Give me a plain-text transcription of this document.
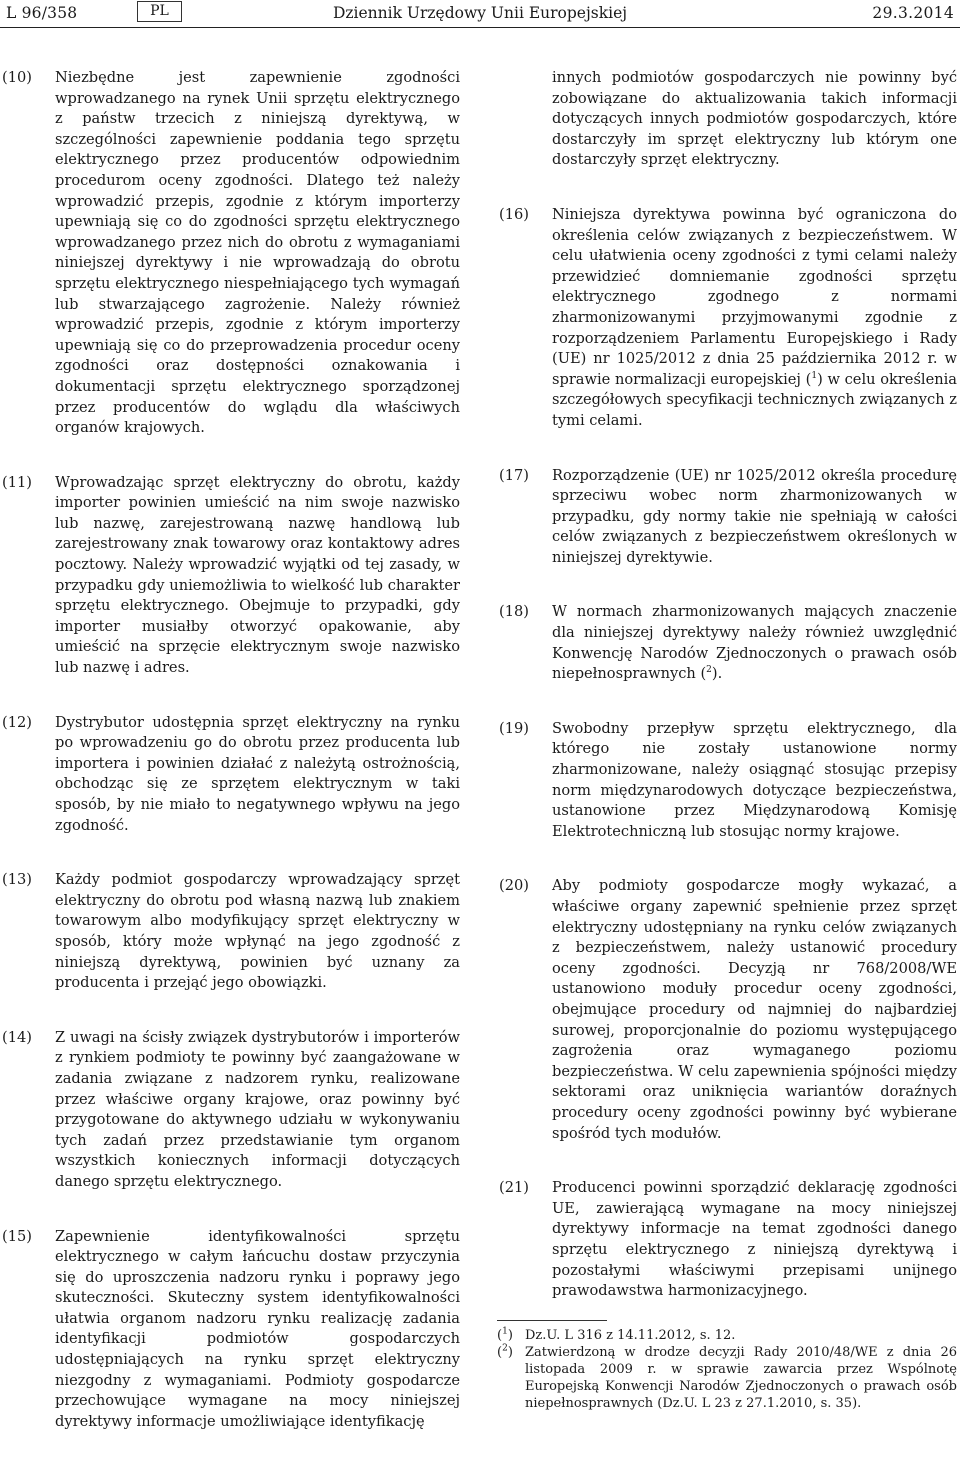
L 96/358	PL	Dziennik Urzędowy Unii Europejskiej	29.3.2014
(10)	Niezbędne jest zapewnienie zgodności wprowadzanego na rynek Unii sprzętu elektrycznego z państw trzecich z niniejszą dyrektywą, w szczególności zapewnienie poddania tego sprzętu elektrycznego przez producentów odpowiednim procedurom oceny zgodności. Dlatego też należy wprowadzić przepis, zgodnie z którym importerzy upewniają się co do zgodności sprzętu elektrycznego wprowadzanego przez nich do obrotu z wymaganiami niniejszej dyrektywy i nie wprowadzają do obrotu sprzętu elektrycznego niespełniającego tych wymagań lub stwarzającego zagrożenie. Należy również wprowadzić przepis, zgodnie z którym importerzy upewniają się co do przeprowadzenia procedur oceny zgodności oraz dostępności oznakowania i dokumentacji sprzętu elektrycznego sporządzonej przez producentów do wglądu dla właściwych organów krajowych.
(11)	Wprowadzając sprzęt elektryczny do obrotu, każdy importer powinien umieścić na nim swoje nazwisko lub nazwę, zarejestrowaną nazwę handlową lub zarejestrowany znak towarowy oraz kontaktowy adres pocztowy. Należy wprowadzić wyjątki od tej zasady, w przypadku gdy uniemożliwia to wielkość lub charakter sprzętu elektrycznego. Obejmuje to przypadki, gdy importer musiałby otworzyć opakowanie, aby umieścić na sprzęcie elektrycznym swoje nazwisko lub nazwę i adres.
(12)	Dystrybutor udostępnia sprzęt elektryczny na rynku po wprowadzeniu go do obrotu przez producenta lub importera i powinien działać z należytą ostrożnością, obchodząc się ze sprzętem elektrycznym w taki sposób, by nie miało to negatywnego wpływu na jego zgodność.
(13)	Każdy podmiot gospodarczy wprowadzający sprzęt elektryczny do obrotu pod własną nazwą lub znakiem towarowym albo modyfikujący sprzęt elektryczny w sposób, który może wpłynąć na jego zgodność z niniejszą dyrektywą, powinien być uznany za producenta i przejąć jego obowiązki.
(14)	Z uwagi na ścisły związek dystrybutorów i importerów z rynkiem podmioty te powinny być zaangażowane w zadania związane z nadzorem rynku, realizowane przez właściwe organy krajowe, oraz powinny być przygotowane do aktywnego udziału w wykonywaniu tych zadań przez przedstawianie tym organom wszystkich koniecznych informacji dotyczących danego sprzętu elektrycznego.
(15)	Zapewnienie identyfikowalności sprzętu elektrycznego w całym łańcuchu dostaw przyczynia się do uproszczenia nadzoru rynku i poprawy jego skuteczności. Skuteczny system identyfikowalności ułatwia organom nadzoru rynku realizację zadania identyfikacji podmiotów gospodarczych udostępniających na rynku sprzęt elektryczny niezgodny z wymaganiami. Podmioty gospodarcze przechowujące wymagane na mocy niniejszej dyrektywy informacje umożliwiające identyfikację
innych podmiotów gospodarczych nie powinny być zobowiązane do aktualizowania takich informacji dotyczących innych podmiotów gospodarczych, które dostarczyły im sprzęt elektryczny lub którym one dostarczyły sprzęt elektryczny.
(16)	Niniejsza dyrektywa powinna być ograniczona do określenia celów związanych z bezpieczeństwem. W celu ułatwienia oceny zgodności z tymi celami należy przewidzieć domniemanie zgodności sprzętu elektrycznego zgodnego z normami zharmonizowanymi przyjmowanymi zgodnie z rozporządzeniem Parlamentu Europejskiego i Rady (UE) nr 1025/2012 z dnia 25 października 2012 r. w sprawie normalizacji europejskiej ($^1$) w celu określenia szczegółowych specyfikacji technicznych związanych z tymi celami.
(17)	Rozporządzenie (UE) nr 1025/2012 określa procedurę sprzeciwu wobec norm zharmonizowanych w przypadku, gdy normy takie nie spełniają w całości celów związanych z bezpieczeństwem określonych w niniejszej dyrektywie.
(18)	W normach zharmonizowanych mających znaczenie dla niniejszej dyrektywy należy również uwzględnić Konwencję Narodów Zjednoczonych o prawach osób niepełnosprawnych ($^2$).
(19)	Swobodny przepływ sprzętu elektrycznego, dla którego nie zostały ustanowione normy zharmonizowane, należy osiągnąć stosując przepisy norm międzynarodowych dotyczące bezpieczeństwa, ustanowione przez Międzynarodową Komisję Elektrotechniczną lub stosując normy krajowe.
(20)	Aby podmioty gospodarcze mogły wykazać, a właściwe organy zapewnić spełnienie przez sprzęt elektryczny udostępniany na rynku celów związanych z bezpieczeństwem, należy ustanowić procedury oceny zgodności. Decyzją nr 768/2008/WE ustanowiono moduły procedur oceny zgodności, obejmujące procedury od najmniej do najbardziej surowej, proporcjonalnie do poziomu występującego zagrożenia oraz wymaganego poziomu bezpieczeństwa. W celu zapewnienia spójności między sektorami oraz uniknięcia wariantów doraźnych procedury oceny zgodności powinny być wybierane spośród tych modułów.
(21)	Producenci powinni sporządzić deklarację zgodności UE, zawierającą wymagane na mocy niniejszej dyrektywy informacje na temat zgodności danego sprzętu elektrycznego z niniejszą dyrektywą i pozostałymi właściwymi przepisami unijnego prawodawstwa harmonizacyjnego.
($^1$) Dz.U. L 316 z 14.11.2012, s. 12.
($^2$) Zatwierdzoną w drodze decyzji Rady 2010/48/WE z dnia 26 listopada 2009 r. w sprawie zawarcia przez Wspólnotę Europejską Konwencji Narodów Zjednoczonych o prawach osób niepełnosprawnych (Dz.U. L 23 z 27.1.2010, s. 35).
